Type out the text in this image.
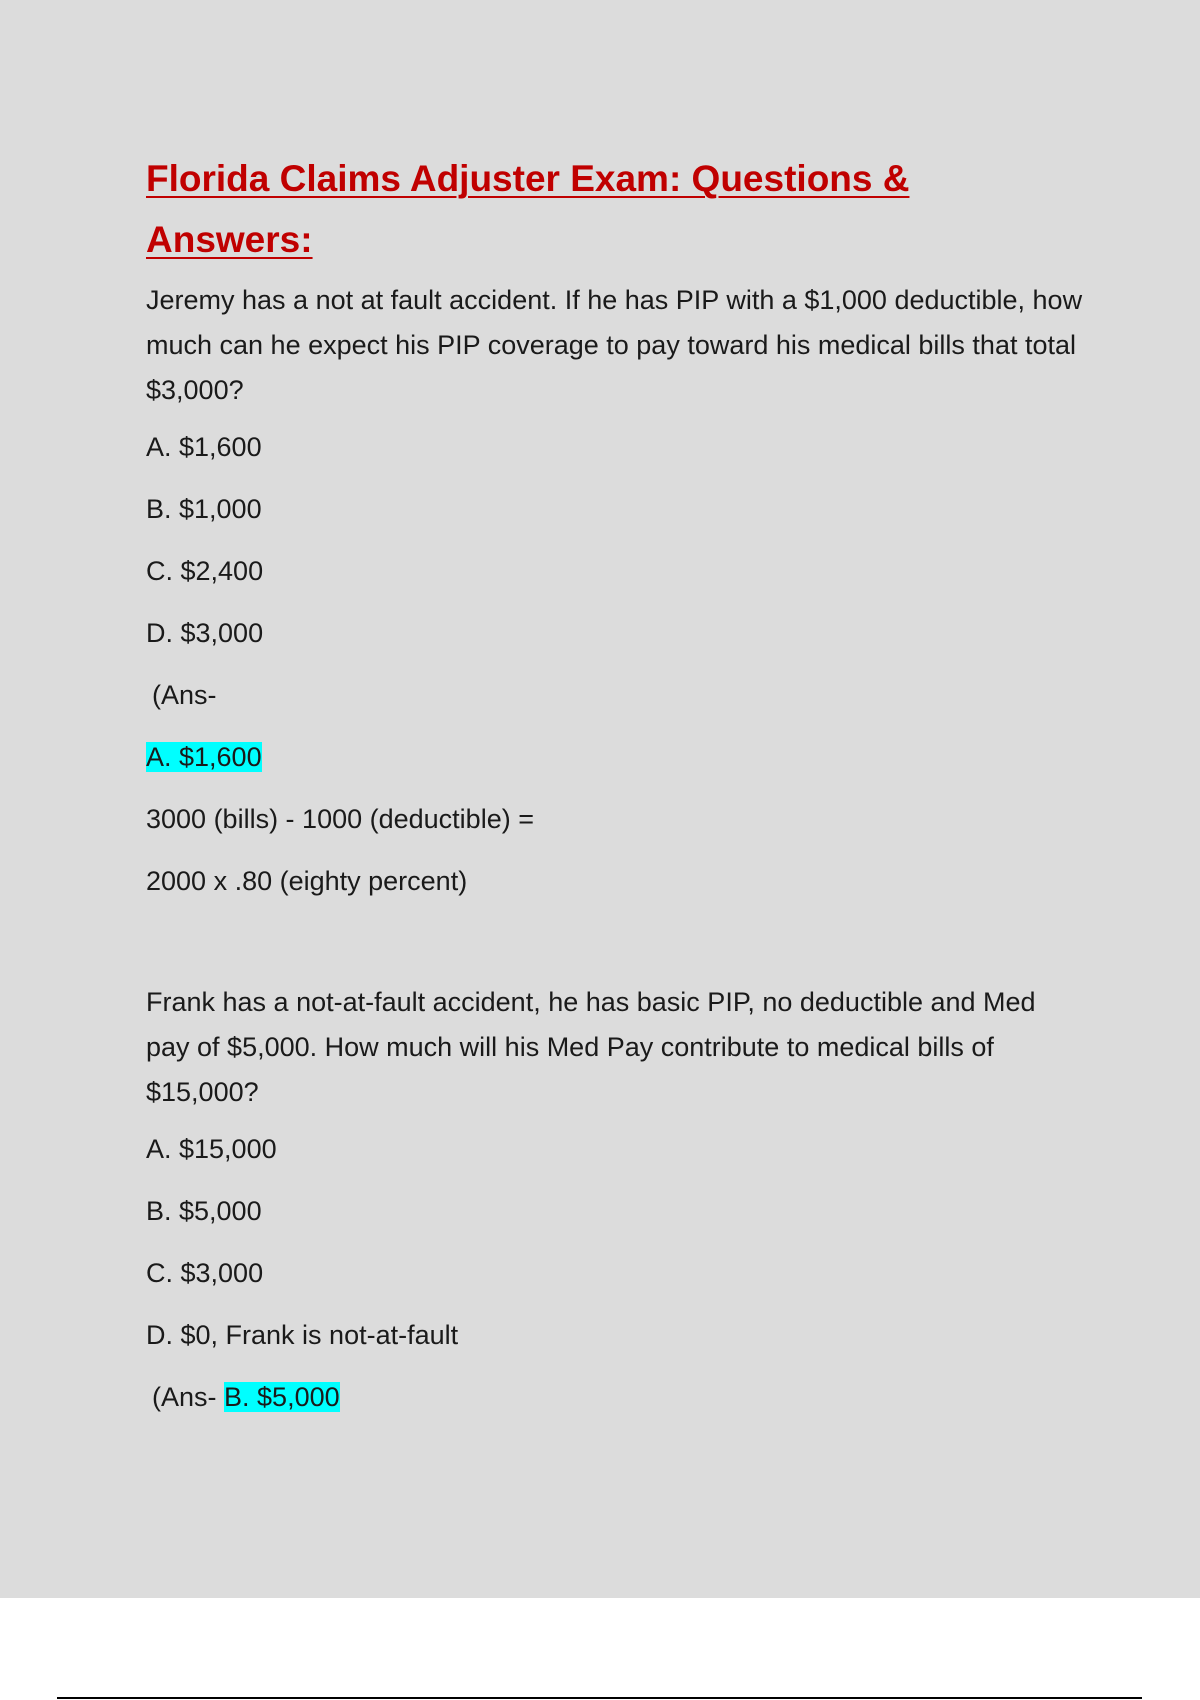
Florida Claims Adjuster Exam: Questions & Answers:

Jeremy has a not at fault accident. If he has PIP with a $1,000 deductible, how much can he expect his PIP coverage to pay toward his medical bills that total $3,000?

A. $1,600

B. $1,000

C. $2,400

D. $3,000

(Ans-

A. $1,600

3000 (bills) - 1000 (deductible) =

2000 x .80 (eighty percent)

Frank has a not-at-fault accident, he has basic PIP, no deductible and Med pay of $5,000. How much will his Med Pay contribute to medical bills of $15,000?

A. $15,000

B. $5,000

C. $3,000

D. $0, Frank is not-at-fault

(Ans- B. $5,000
